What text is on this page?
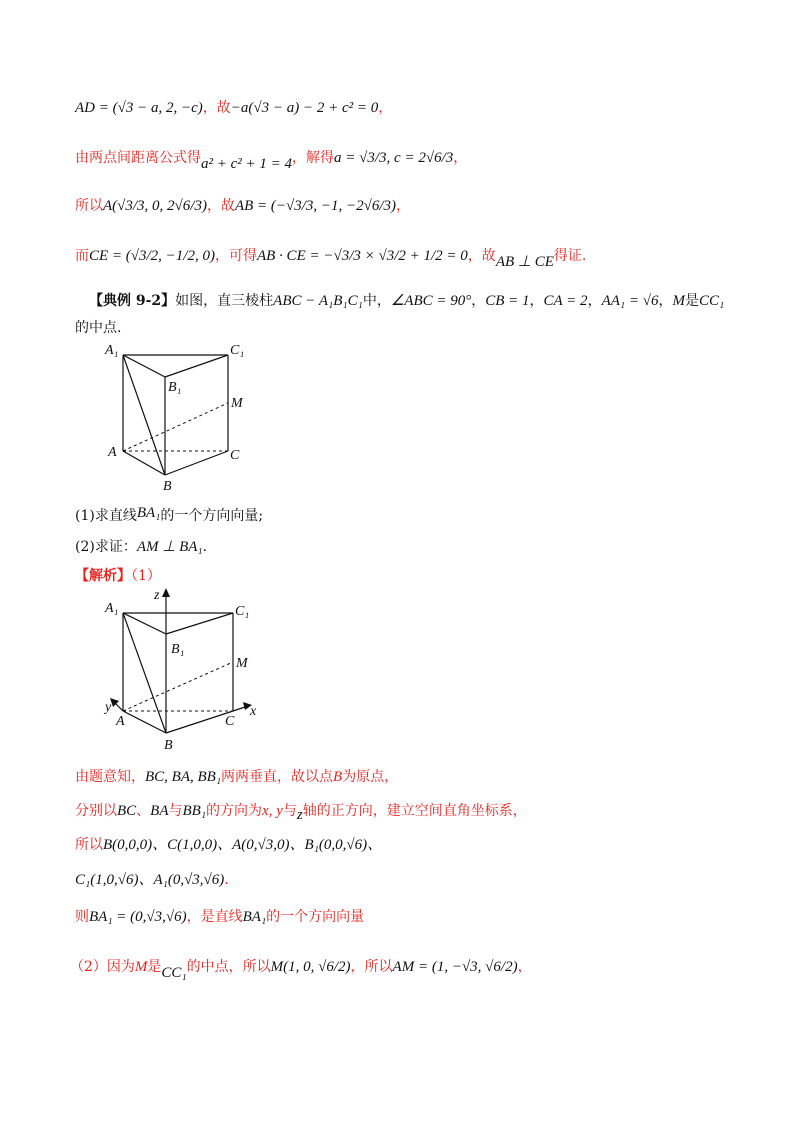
AD = (√3 − a, 2, −c)，故−a(√3 − a) − 2 + c² = 0，
由两点间距离公式得a² + c² + 1 = 4，解得a = √3/3, c = 2√6/3，
所以A(√3/3, 0, 2√6/3)，故AB = (−√3/3, −1, −2√6/3)，
而CE = (√3/2, −1/2, 0)，可得AB · CE = −√3/3 × √3/2 + 1/2 = 0，故AB ⊥ CE得证.
【典例 9-2】如图，直三棱柱ABC − A₁B₁C₁中，∠ABC = 90°，CB = 1，CA = 2，AA₁ = √6，M是CC₁
的中点.
A₁	C₁
B₁
M
A	C
B
(1)求直线BA₁的一个方向向量;
(2)求证：AM ⊥ BA₁.
【解析】（1）
A₁
z
C₁
B₁
M
y
A	C
x
B
由题意知，BC, BA, BB₁两两垂直，故以点B为原点，
分别以BC、BA与BB₁的方向为x, y与z轴的正方向，建立空间直角坐标系，
所以B(0,0,0)、C(1,0,0)、A(0,√3,0)、B₁(0,0,√6)、
C₁(1,0,√6)、A₁(0,√3,√6).
则BA₁ = (0,√3,√6)，是直线BA₁的一个方向向量
（2）因为M是CC₁的中点，所以M(1, 0, √6/2)，所以AM = (1, −√3, √6/2)，
